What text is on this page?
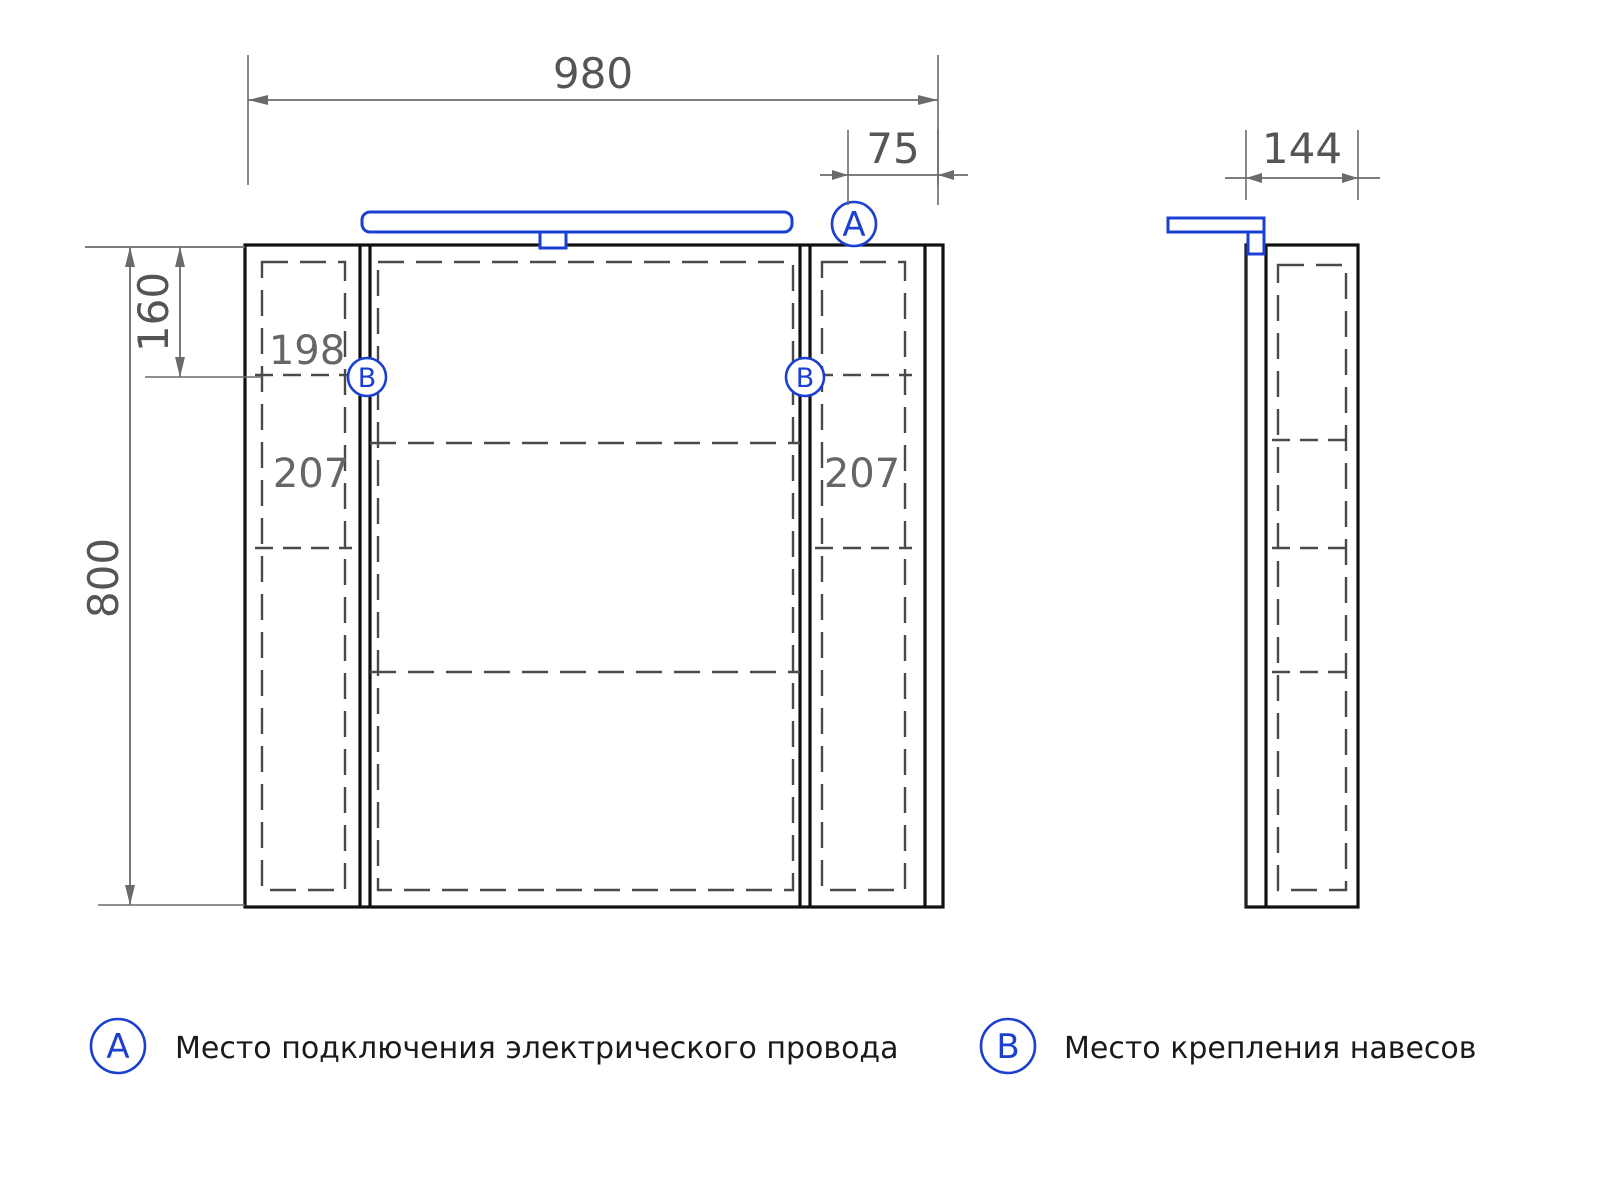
A
B	B
980
75
160
800
198
207	207
144
A Место подключения электрического провода	B Место крепления навесов
